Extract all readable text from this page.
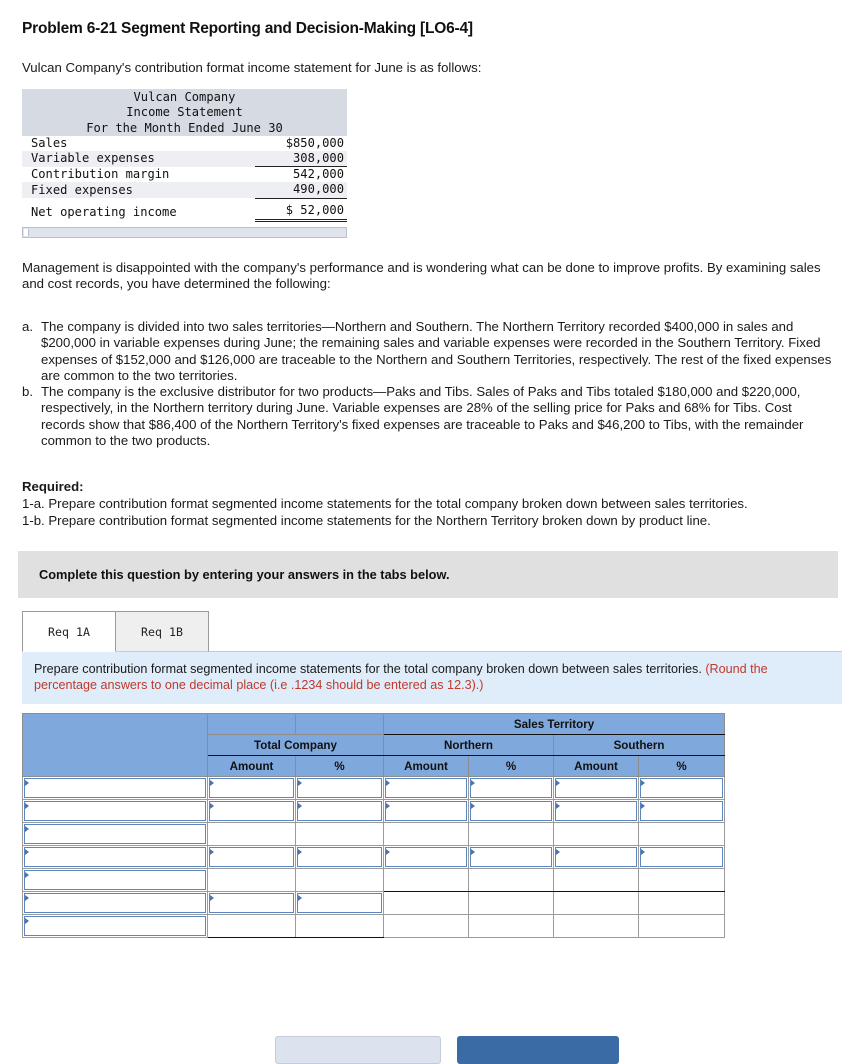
Problem 6-21 Segment Reporting and Decision-Making [LO6-4]
Vulcan Company's contribution format income statement for June is as follows:
Vulcan Company	
Income Statement	
For the Month Ended June 30	
Sales	$850,000
Variable expenses	308,000
Contribution margin	542,000
Fixed expenses	490,000

Net operating income	$ 52,000
Management is disappointed with the company's performance and is wondering what can be done to improve profits. By examining sales and cost records, you have determined the following:
a. The company is divided into two sales territories—Northern and Southern. The Northern Territory recorded $400,000 in sales and $200,000 in variable expenses during June; the remaining sales and variable expenses were recorded in the Southern Territory. Fixed expenses of $152,000 and $126,000 are traceable to the Northern and Southern Territories, respectively. The rest of the fixed expenses are common to the two territories.
b. The company is the exclusive distributor for two products—Paks and Tibs. Sales of Paks and Tibs totaled $180,000 and $220,000, respectively, in the Northern territory during June. Variable expenses are 28% of the selling price for Paks and 68% for Tibs. Cost records show that $86,400 of the Northern Territory's fixed expenses are traceable to Paks and $46,200 to Tibs, with the remainder common to the two products.
Required:
1-a. Prepare contribution format segmented income statements for the total company broken down between sales territories.
1-b. Prepare contribution format segmented income statements for the Northern Territory broken down by product line.
Complete this question by entering your answers in the tabs below.
Req 1A	Req 1B
Prepare contribution format segmented income statements for the total company broken down between sales territories. (Round the percentage answers to one decimal place (i.e .1234 should be entered as 12.3).)
			Sales Territory			
	Total Company		Northern		Southern	
	Amount	%	Amount	%	Amount	%
